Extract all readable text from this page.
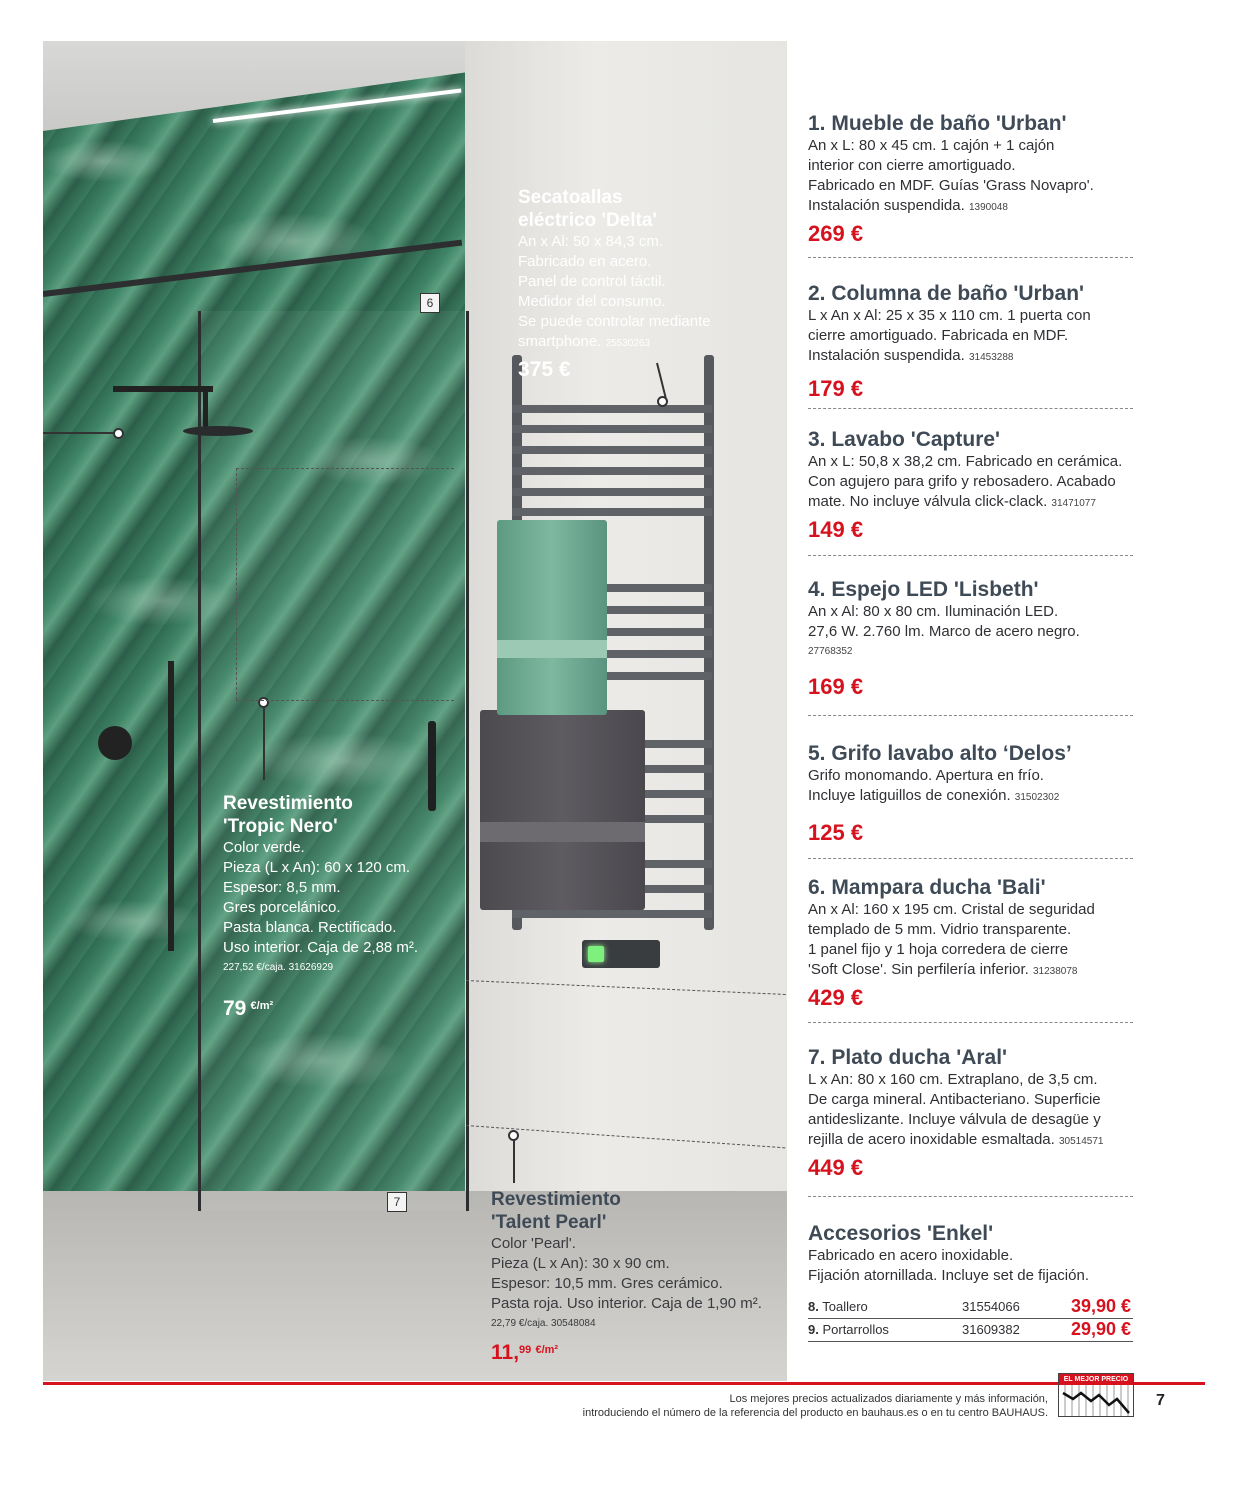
6
7
Secatoallas
eléctrico 'Delta'
An x Al: 50 x 84,3 cm.
Fabricado en acero.
Panel de control táctil.
Medidor del consumo.
Se puede controlar mediante
smartphone. 25530263
375 €
Revestimiento
'Tropic Nero'
Color verde.
Pieza (L x An): 60 x 120 cm.
Espesor: 8,5 mm.
Gres porcelánico.
Pasta blanca. Rectificado.
Uso interior. Caja de 2,88 m².
227,52 €/caja. 31626929
79 $^{€/m^2}$
Revestimiento
'Talent Pearl'
Color 'Pearl'.
Pieza (L x An): 30 x 90 cm.
Espesor: 10,5 mm. Gres cerámico.
Pasta roja. Uso interior. Caja de 1,90 m².
22,79 €/caja. 30548084
11,99 $^{€/m^2}$
1. Mueble de baño 'Urban'
An x L: 80 x 45 cm. 1 cajón + 1 cajón
interior con cierre amortiguado.
Fabricado en MDF. Guías 'Grass Novapro'.
Instalación suspendida. 1390048
269 €
2. Columna de baño 'Urban'
L x An x Al: 25 x 35 x 110 cm. 1 puerta con
cierre amortiguado. Fabricada en MDF.
Instalación suspendida. 31453288
179 €
3. Lavabo 'Capture'
An x L: 50,8 x 38,2 cm. Fabricado en cerámica.
Con agujero para grifo y rebosadero. Acabado
mate. No incluye válvula click-clack. 31471077
149 €
4. Espejo LED 'Lisbeth'
An x Al: 80 x 80 cm. Iluminación LED.
27,6 W. 2.760 lm. Marco de acero negro.
27768352
169 €
5. Grifo lavabo alto ‘Delos’
Grifo monomando. Apertura en frío.
Incluye latiguillos de conexión. 31502302
125 €
6. Mampara ducha 'Bali'
An x Al: 160 x 195 cm. Cristal de seguridad
templado de 5 mm. Vidrio transparente.
1 panel fijo y 1 hoja corredera de cierre
'Soft Close'. Sin perfilería inferior. 31238078
429 €
7. Plato ducha 'Aral'
L x An: 80 x 160 cm. Extraplano, de 3,5 cm.
De carga mineral. Antibacteriano. Superficie
antideslizante. Incluye válvula de desagüe y
rejilla de acero inoxidable esmaltada. 30514571
449 €
Accesorios 'Enkel'
Fabricado en acero inoxidable.
Fijación atornillada. Incluye set de fijación.
8. Toallero	31554066	39,90 €
9. Portarrollos	31609382	29,90 €
Los mejores precios actualizados diariamente y más información,
introduciendo el número de la referencia del producto en bauhaus.es o en tu centro BAUHAUS.
EL MEJOR PRECIO
7
